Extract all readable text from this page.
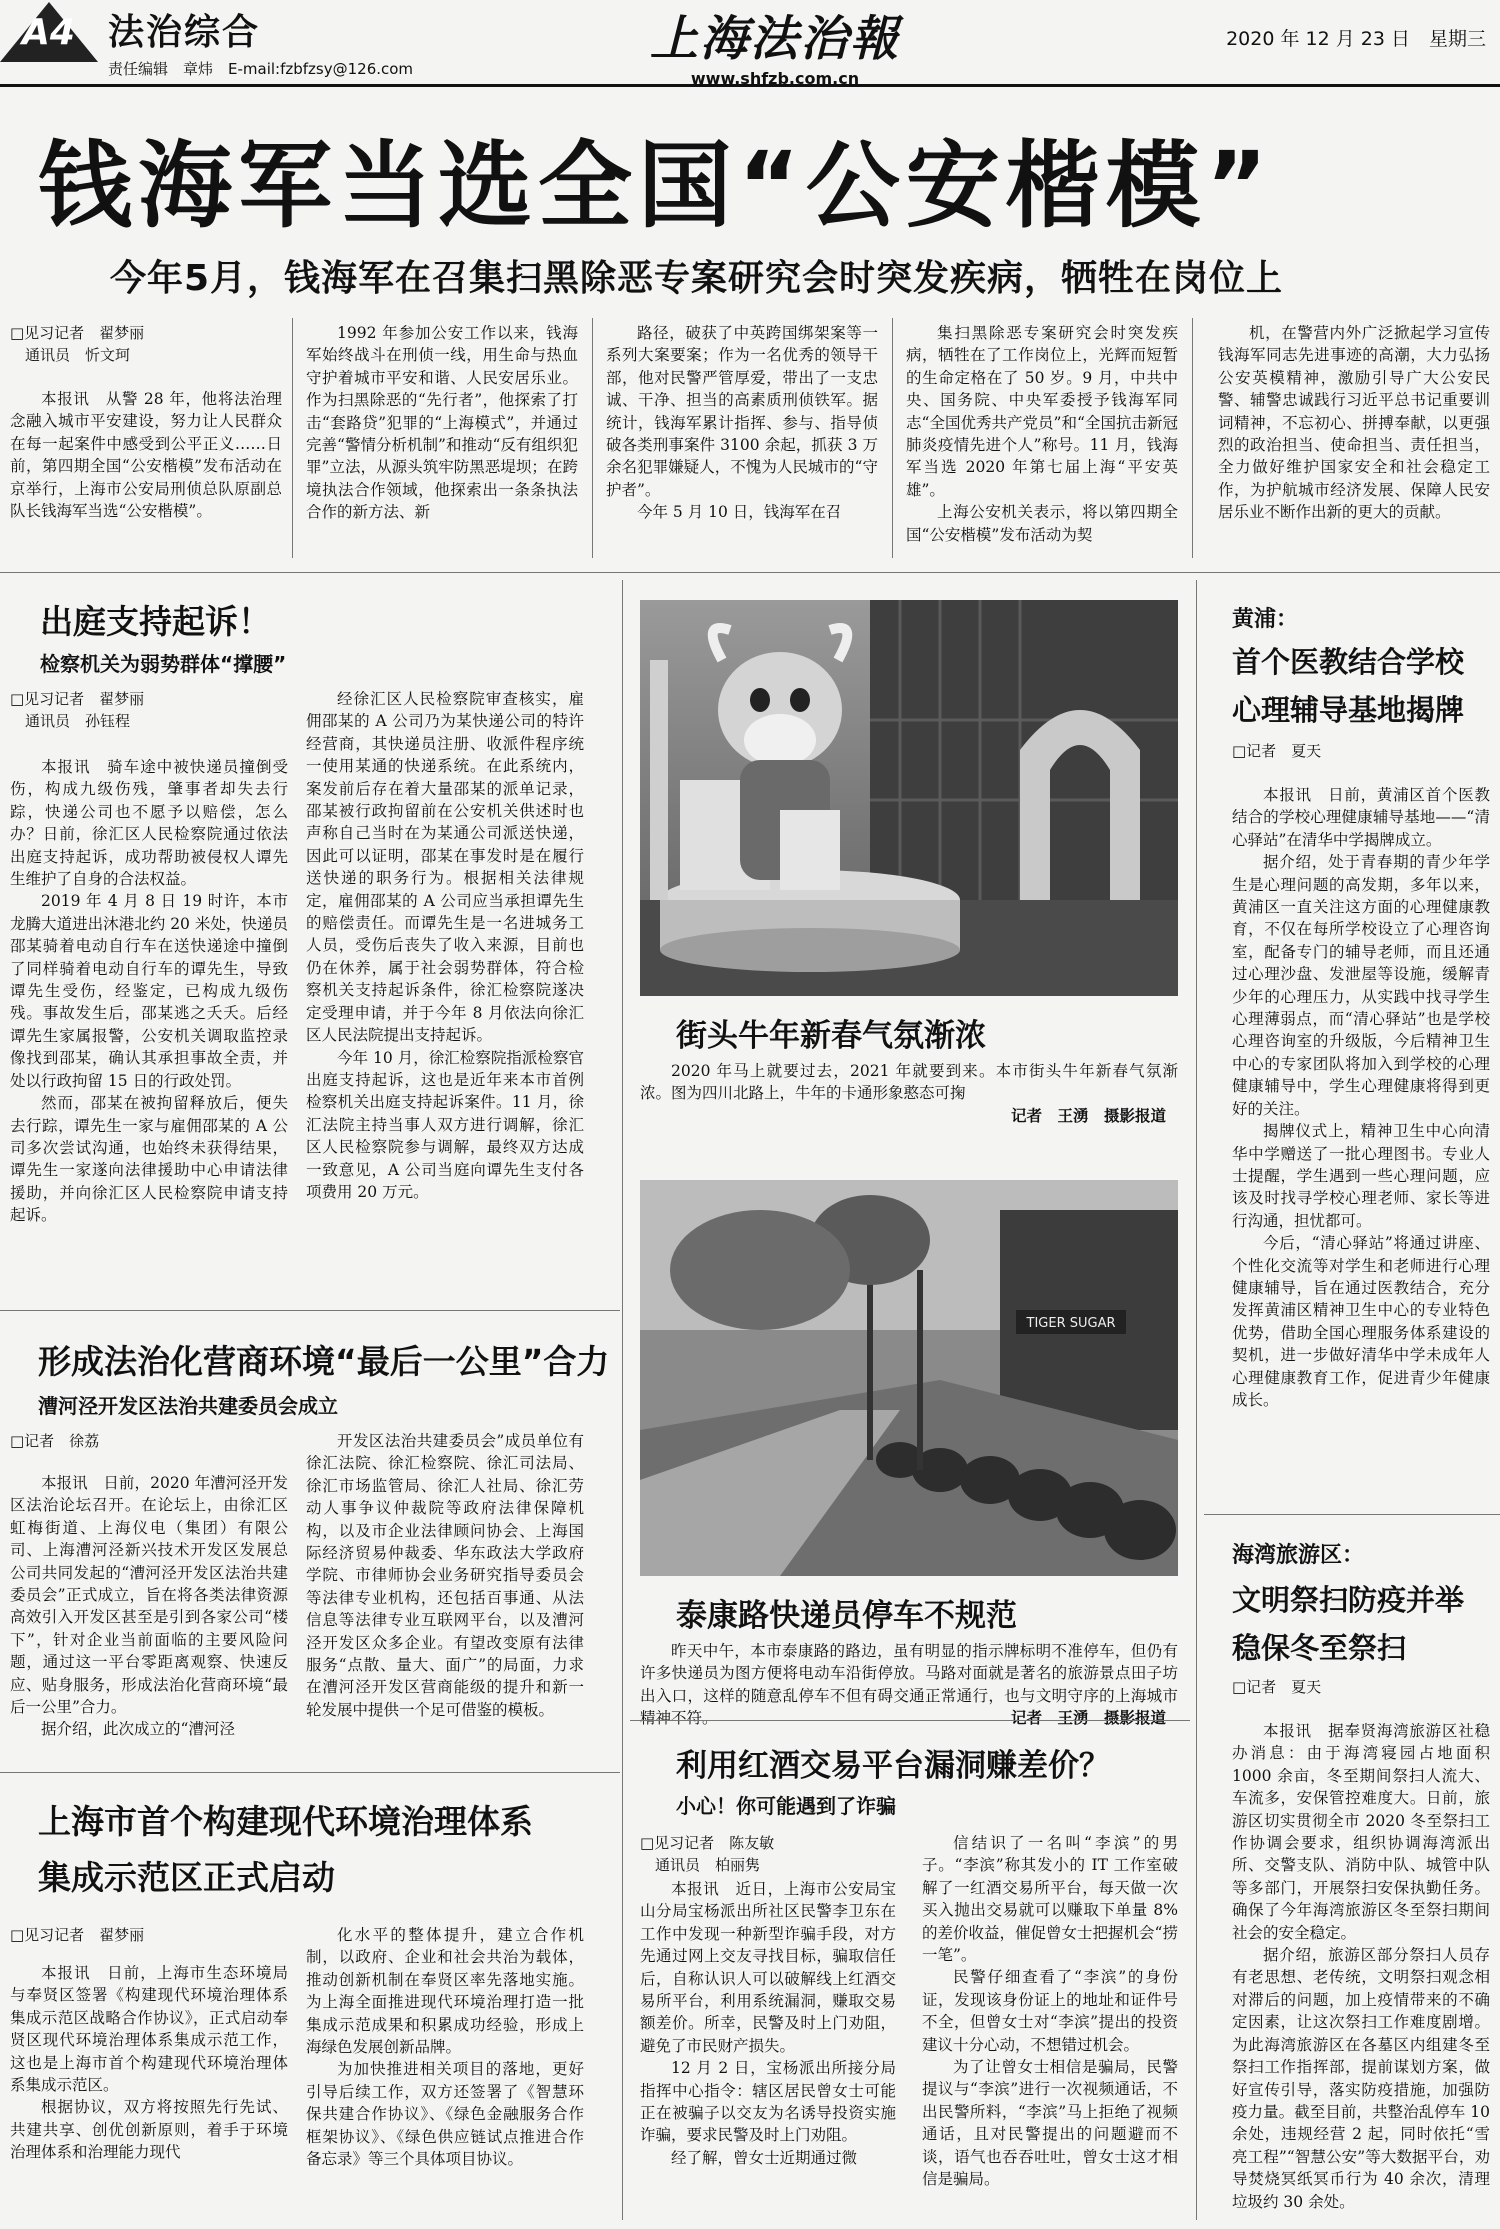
A4 法治综合
责任编辑　章炜　E-mail:fzbfzsy@126.com
上海法治報
www.shfzb.com.cn
2020 年 12 月 23 日　星期三
钱海军当选全国“公安楷模”
今年5月，钱海军在召集扫黑除恶专案研究会时突发疾病，牺牲在岗位上
□见习记者　翟梦丽
通讯员　忻文珂

本报讯　从警 28 年，他将法治理念融入城市平安建设，努力让人民群众在每一起案件中感受到公平正义……日前，第四期全国“公安楷模”发布活动在京举行，上海市公安局刑侦总队原副总队长钱海军当选“公安楷模”。

1992 年参加公安工作以来，钱海军始终战斗在刑侦一线，用生命与热血守护着城市平安和谐、人民安居乐业。作为扫黑除恶的“先行者”，他探索了打击“套路贷”犯罪的“上海模式”，并通过完善“警情分析机制”和推动“反有组织犯罪”立法，从源头筑牢防黑恶堤坝；在跨境执法合作领域，他探索出一条条执法合作的新方法、新

路径，破获了中英跨国绑架案等一系列大案要案；作为一名优秀的领导干部，他对民警严管厚爱，带出了一支忠诚、干净、担当的高素质刑侦铁军。据统计，钱海军累计指挥、参与、指导侦破各类刑事案件 3100 余起，抓获 3 万余名犯罪嫌疑人，不愧为人民城市的“守护者”。

今年 5 月 10 日，钱海军在召

集扫黑除恶专案研究会时突发疾病，牺牲在了工作岗位上，光辉而短暂的生命定格在了 50 岁。9 月，中共中央、国务院、中央军委授予钱海军同志“全国优秀共产党员”和“全国抗击新冠肺炎疫情先进个人”称号。11 月，钱海军当选 2020 年第七届上海“平安英雄”。

上海公安机关表示，将以第四期全国“公安楷模”发布活动为契

机，在警营内外广泛掀起学习宣传钱海军同志先进事迹的高潮，大力弘扬公安英模精神，激励引导广大公安民警、辅警忠诚践行习近平总书记重要训词精神，不忘初心、拼搏奉献，以更强烈的政治担当、使命担当、责任担当，全力做好维护国家安全和社会稳定工作，为护航城市经济发展、保障人民安居乐业不断作出新的更大的贡献。

出庭支持起诉！
检察机关为弱势群体“撑腰”
□见习记者　翟梦丽
通讯员　孙钰程

本报讯　骑车途中被快递员撞倒受伤，构成九级伤残，肇事者却失去行踪，快递公司也不愿予以赔偿，怎么办？日前，徐汇区人民检察院通过依法出庭支持起诉，成功帮助被侵权人谭先生维护了自身的合法权益。

2019 年 4 月 8 日 19 时许，本市龙腾大道进出沐港北约 20 米处，快递员邵某骑着电动自行车在送快递途中撞倒了同样骑着电动自行车的谭先生，导致谭先生受伤，经鉴定，已构成九级伤残。事故发生后，邵某逃之夭夭。后经谭先生家属报警，公安机关调取监控录像找到邵某，确认其承担事故全责，并处以行政拘留 15 日的行政处罚。

然而，邵某在被拘留释放后，便失去行踪，谭先生一家与雇佣邵某的 A 公司多次尝试沟通，也始终未获得结果，谭先生一家遂向法律援助中心申请法律援助，并向徐汇区人民检察院申请支持起诉。

经徐汇区人民检察院审查核实，雇佣邵某的 A 公司乃为某快递公司的特许经营商，其快递员注册、收派件程序统一使用某通的快递系统。在此系统内，案发前后存在着大量邵某的派单记录，邵某被行政拘留前在公安机关供述时也声称自己当时在为某通公司派送快递，因此可以证明，邵某在事发时是在履行送快递的职务行为。根据相关法律规定，雇佣邵某的 A 公司应当承担谭先生的赔偿责任。而谭先生是一名进城务工人员，受伤后丧失了收入来源，目前也仍在休养，属于社会弱势群体，符合检察机关支持起诉条件，徐汇检察院遂决定受理申请，并于今年 8 月依法向徐汇区人民法院提出支持起诉。

今年 10 月，徐汇检察院指派检察官出庭支持起诉，这也是近年来本市首例检察机关出庭支持起诉案件。11 月，徐汇法院主持当事人双方进行调解，徐汇区人民检察院参与调解，最终双方达成一致意见，A 公司当庭向谭先生支付各项费用 20 万元。

形成法治化营商环境“最后一公里”合力
漕河泾开发区法治共建委员会成立
□记者　徐荔

本报讯　日前，2020 年漕河泾开发区法治论坛召开。在论坛上，由徐汇区虹梅街道、上海仪电（集团）有限公司、上海漕河泾新兴技术开发区发展总公司共同发起的“漕河泾开发区法治共建委员会”正式成立，旨在将各类法律资源高效引入开发区甚至是引到各家公司“楼下”，针对企业当前面临的主要风险问题，通过这一平台零距离观察、快速反应、贴身服务，形成法治化营商环境“最后一公里”合力。

据介绍，此次成立的“漕河泾

开发区法治共建委员会”成员单位有徐汇法院、徐汇检察院、徐汇司法局、徐汇市场监管局、徐汇人社局、徐汇劳动人事争议仲裁院等政府法律保障机构，以及市企业法律顾问协会、上海国际经济贸易仲裁委、华东政法大学政府学院、市律师协会业务研究指导委员会等法律专业机构，还包括百事通、从法信息等法律专业互联网平台，以及漕河泾开发区众多企业。有望改变原有法律服务“点散、量大、面广”的局面，力求在漕河泾开发区营商能级的提升和新一轮发展中提供一个足可借鉴的模板。

上海市首个构建现代环境治理体系
集成示范区正式启动
□见习记者　翟梦丽

本报讯　日前，上海市生态环境局与奉贤区签署《构建现代环境治理体系集成示范区战略合作协议》，正式启动奉贤区现代环境治理体系集成示范工作，这也是上海市首个构建现代环境治理体系集成示范区。

根据协议，双方将按照先行先试、共建共享、创优创新原则，着手于环境治理体系和治理能力现代

化水平的整体提升，建立合作机制，以政府、企业和社会共治为载体，推动创新机制在奉贤区率先落地实施。为上海全面推进现代环境治理打造一批集成示范成果和积累成功经验，形成上海绿色发展创新品牌。

为加快推进相关项目的落地，更好引导后续工作，双方还签署了《智慧环保共建合作协议》、《绿色金融服务合作框架协议》、《绿色供应链试点推进合作备忘录》等三个具体项目协议。

街头牛年新春气氛渐浓

2020 年马上就要过去，2021 年就要到来。本市街头牛年新春气氛渐浓。图为四川北路上，牛年的卡通形象憨态可掬

记者　王湧　摄影报道

TIGER SUGAR
泰康路快递员停车不规范

昨天中午，本市泰康路的路边，虽有明显的指示牌标明不准停车，但仍有许多快递员为图方便将电动车沿街停放。马路对面就是著名的旅游景点田子坊出入口，这样的随意乱停车不但有碍交通正常通行，也与文明守序的上海城市精神不符。	记者　王湧　摄影报道

利用红酒交易平台漏洞赚差价？
小心！你可能遇到了诈骗
□见习记者　陈友敏
通讯员　柏丽隽

本报讯　近日，上海市公安局宝山分局宝杨派出所社区民警李卫东在工作中发现一种新型诈骗手段，对方先通过网上交友寻找目标，骗取信任后，自称认识人可以破解线上红酒交易所平台，利用系统漏洞，赚取交易额差价。所幸，民警及时上门劝阻，避免了市民财产损失。

12 月 2 日，宝杨派出所接分局指挥中心指令：辖区居民曾女士可能正在被骗子以交友为名诱导投资实施诈骗，要求民警及时上门劝阻。

经了解，曾女士近期通过微

信结识了一名叫“李滨”的男子。“李滨”称其发小的 IT 工作室破解了一红酒交易所平台，每天做一次买入抛出交易就可以赚取下单量 8% 的差价收益，催促曾女士把握机会“捞一笔”。

民警仔细查看了“李滨”的身份证，发现该身份证上的地址和证件号不全，但曾女士对“李滨”提出的投资建议十分心动，不想错过机会。

为了让曾女士相信是骗局，民警提议与“李滨”进行一次视频通话，不出民警所料，“李滨”马上拒绝了视频通话，且对民警提出的问题避而不谈，语气也吞吞吐吐，曾女士这才相信是骗局。

黄浦：
首个医教结合学校
心理辅导基地揭牌
□记者　夏天

本报讯　日前，黄浦区首个医教结合的学校心理健康辅导基地——“清心驿站”在清华中学揭牌成立。

据介绍，处于青春期的青少年学生是心理问题的高发期，多年以来，黄浦区一直关注这方面的心理健康教育，不仅在每所学校设立了心理咨询室，配备专门的辅导老师，而且还通过心理沙盘、发泄屋等设施，缓解青少年的心理压力，从实践中找寻学生心理薄弱点，而“清心驿站”也是学校心理咨询室的升级版，今后精神卫生中心的专家团队将加入到学校的心理健康辅导中，学生心理健康将得到更好的关注。

揭牌仪式上，精神卫生中心向清华中学赠送了一批心理图书。专业人士提醒，学生遇到一些心理问题，应该及时找寻学校心理老师、家长等进行沟通，担忧都可。

今后，“清心驿站”将通过讲座、个性化交流等对学生和老师进行心理健康辅导，旨在通过医教结合，充分发挥黄浦区精神卫生中心的专业特色优势，借助全国心理服务体系建设的契机，进一步做好清华中学未成年人心理健康教育工作，促进青少年健康成长。

海湾旅游区：
文明祭扫防疫并举
稳保冬至祭扫
□记者　夏天

本报讯　据奉贤海湾旅游区社稳办消息：由于海湾寝园占地面积 1000 余亩，冬至期间祭扫人流大、车流多，安保管控难度大。日前，旅游区切实贯彻全市 2020 冬至祭扫工作协调会要求，组织协调海湾派出所、交警支队、消防中队、城管中队等多部门，开展祭扫安保执勤任务。确保了今年海湾旅游区冬至祭扫期间社会的安全稳定。

据介绍，旅游区部分祭扫人员存有老思想、老传统，文明祭扫观念相对滞后的问题，加上疫情带来的不确定因素，让这次祭扫工作难度剧增。为此海湾旅游区在各墓区内组建冬至祭扫工作指挥部，提前谋划方案，做好宣传引导，落实防疫措施，加强防疫力量。截至目前，共整治乱停车 10 余处，违规经营 2 起，同时依托“雪亮工程”“智慧公安”等大数据平台，劝导焚烧冥纸冥币行为 40 余次，清理垃圾约 30 余处。
